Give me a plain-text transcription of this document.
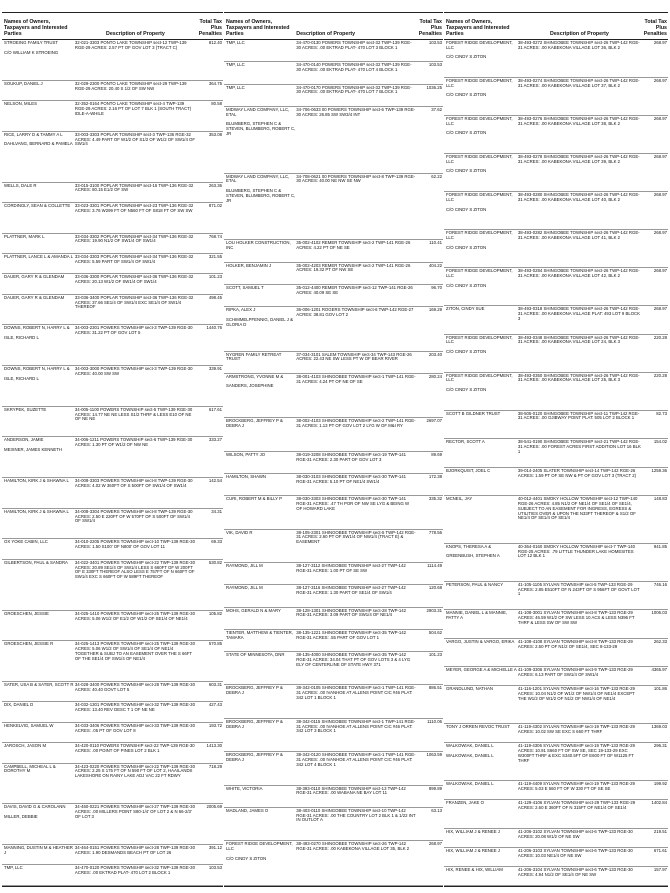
Names of Owners, Taxpayers and Interested Parties	Description of Property
Total Tax Plus Penalties
STROEING FAMILY TRUST

C/O WILLIAM K STROEING
32-021-3303 PONTO LAKE TOWNSHIP sect-12 TWP-139 RGE-29 ACRES: 2.57 PT OF GOV LOT 3 (TRACT C)
812.40
SOUKUP, DANIEL J	32-029-2300 PONTO LAKE TOWNSHIP sect-29 TWP-139 RGE-29 ACRES: 20.40 S 1/2 OF SW NW
364.75
NELSON, MILES	32-352-0164 PONTO LAKE TOWNSHIP sect-4 TWP-139 RGE-29 ACRES: 2.16 PT OF LOT 7 BLK 1 (SOUTH TRACT) IDLE-A-WHILE
80.58
RICE, LARRY D & TAMMY A L

DAHLVANG, BERNARD & PAMELA
33-003-3303 POPLAR TOWNSHIP sect-3 TWP-136 RGE-32 ACRES: 4.49 PART OF W1/2 OF S1/2 OF W1/2 OF SW1/4 OF SW1/4
353.08
WELLS, DALE R	33-015-3100 POPLAR TOWNSHIP sect-15 TWP-136 RGE-32 ACRES: 80.15 E1/2 OF SW
263.36
CORDINGLY, SEAN & COLLETTE	33-023-3301 POPLAR TOWNSHIP sect-23 TWP-136 RGE-32 ACRES: 3.76 W299 FT OF N560 FT OF S818 FT OF SW SW
871.02
PLATTNER, MARK L	33-034-3302 POPLAR TOWNSHIP sect-34 TWP-136 RGE-32 ACRES: 19.90 N1/2 OF SW1/4 OF SW1/4
768.74
PLATTNER, LANCE L & AMANDA L 33-034-3303 POPLAR TOWNSHIP sect-34 TWP-136 RGE-32 ACRES: 5.59 PART OF SW1/4 OF SW1/4
321.55
DAUER, GARY R & GLENDAM	33-036-3300 POPLAR TOWNSHIP sect-36 TWP-136 RGE-32 ACRES: 20.13 W1/2 OF SW1/4 OF SW1/4
101.23
DAUER, GARY R & GLENDAM	33-036-3400 POPLAR TOWNSHIP sect-36 TWP-136 RGE-32 ACRES: 37.66 SE1/4 OF SW1/4 EXC SE1/4 OF SW1/4 THEREOF
498.45
DOWNS, ROBERT N, HARRY L &

ISLE, RICHARD L
34-003-2301 POWERS TOWNSHIP sect-3 TWP-139 RGE-30 ACRES: 31.22 PT OF GOV LOT 5
1440.76
DOWNS, ROBERT N, HARRY L &

ISLE, RICHARD L
34-003-3000 POWERS TOWNSHIP sect-3 TWP-139 RGE-30 ACRES: 40.00 SW SW
339.91
SKRYPEK, SUZETTE	34-005-1100 POWERS TOWNSHIP sect-5 TWP-139 RGE-30 ACRES: 14.77 NE NE LESS S1/2 THRF & LESS E10 OF NE OF NE NE
617.61
ANDERSON, JAMIE

MEIXNER, JAMES KENNETH
34-006-1211 POWERS TOWNSHIP sect-6 TWP-139 RGE-30 ACRES: 1.30 PT OF W1/2 OF NW NE
333.27
HAMILTON, KIRK J & SHAWNA L	34-008-3303 POWERS TOWNSHIP sect-8 TWP-139 RGE-30 ACRES: 4.02 W 360FT OF S 500FT OF SW1/4 OF SW1/4
142.54
HAMILTON, KIRK J & SHAWNA L	34-008-3304 POWERS TOWNSHIP sect-8 TWP-139 RGE-30 ACRES: 2.50 E 220FT OF W 570FT OF S 500FT OF SW1/4 OF SW1/4
34.31
OX YOKE CABIN, LLC	34-010-2205 POWERS TOWNSHIP sect-10 TWP-139 RGE-30 ACRES: 1.50 S100' OF N800' OF GOV LOT 11
69.33
GILBERTSON, PAUL & SANDRA	34-022-3401 POWERS TOWNSHIP sect-22 TWP-139 RGE-30 ACRES: 20.89 SE1/4 OF SW1/4 LESS S 660FT OF W 200FT OF E 330FT THEREOF ALSO LESS E 757FT OF N 660FT OF SW1/4 EXC S 660FT OF W 589FT THEREOF
530.82
GROESCHEN, JESSIE	34-025-1410 POWERS TOWNSHIP sect-25 TWP-139 RGE-30 ACRES: 5.06 W1/2 OF E1/2 OF W1/2 OF SE1/4 OF NE1/4
105.82
GROESCHEN, JESSIE R	34-025-1413 POWERS TOWNSHIP sect-25 TWP-139 RGE-30 ACRES: 5.06 W1/2 OF SW1/4 OF SE1/4 OF NE1/4 TOGETHER & SUBJ TO AN EASEMENT OVER THE S 66FT OF THE SE1/4 OF SW1/4 OF NE1/4
570.85
SATER, USA B & SATER, SCOTT R 34-028-3400 POWERS TOWNSHIP sect-28 TWP-139 RGE-30 ACRES: 40.40 GOVT LOT 5
603.31
DIX, DANIEL D	34-032-1301 POWERS TOWNSHIP sect-32 TWP-139 RGE-30 ACRES: 13.40 REV DESC T 1 OF NE NE
427.43
HENKELVIG, SAMUEL W	34-033-3406 POWERS TOWNSHIP sect-33 TWP-139 RGE-30 ACRES: .05 PT OF GOV LOT 8
193.72
JAROSCH, JASON M	34-420-0110 POWERS TOWNSHIP sect-22 TWP-139 RGE-30 ACRES: .00 POINT OF PINES LOT 2 BLK 1
1413.30
CAMPBELL, MICHEAL L & DOROTHY M
34-423-0220 POWERS TOWNSHIP sect-22 TWP-139 RGE-30 ACRES: 2.25 S 175 FT OF N 590 FT OF LOT 2, HAAILANDS LAKESHORE ON RAINY LAKE ADJ VAC 22 FT RDWY
718.29
DAVIS, DAVID G & CAROLANN

MILLER, DEBBIE
34-460-0221 POWERS TOWNSHIP sect-27 TWP-139 RGE-30 ACRES: .00 MILLERS POINT S80-1/4' OF LOT 2 & N 66-2/3' OF LOT 3
2005.69
MANNING, DUSTIN M & HEATHER J
34-464-0151 POWERS TOWNSHIP sect-28 TWP-139 RGE-30 ACRES: 1.90 DESMANDS BEACH PT OF LOT 26
391.12
TMP, LLC	34-470-0120 POWERS TOWNSHIP sect-32 TWP-139 RGE-30 ACRES: .00 EKTRAD PLAT- 470 LOT 2 BLOCK 1
103.53
Names of Owners, Taxpayers and Interested Parties	Description of Property
Total Tax Plus Penalties
TMP, LLC	34-470-0130 POWERS TOWNSHIP sect-32 TWP-139 RGE-30 ACRES: .00 EKTRAD PLAT- 470 LOT 3 BLOCK 1
103.53
TMP, LLC	34-470-0140 POWERS TOWNSHIP sect-32 TWP-139 RGE-30 ACRES: .00 EKTRAD PLAT- 470 LOT 4 BLOCK 1
103.53
TMP, LLC	34-470-0170 POWERS TOWNSHIP sect-32 TWP-139 RGE-30 ACRES: .00 EKTRAD PLAT- 470 LOT 7 BLOCK 1
1036.25
MIDWAY LAND COMPANY, LLC, ETAL

BLUMBERG, STEPHEN C & STEVEN, BLUMBERG, ROBERT C, JR
34-706-0633 00 POWERS TOWNSHIP sect-6 TWP-139 RGE-30 ACRES: 26.85 SW SW3/4 INT
37.62
MIDWAY LAND COMPANY, LLC, ETAL

BLUMBERG, STEPHEN C & STEVEN, BLUMBERG, ROBERT C, JR
34-708-0621 00 POWERS TOWNSHIP sect-8 TWP-139 RGE-30 ACRES: 40.00 NE NW SE NW
62.22
LOU HOLKER CONSTRUCTION, INC
35-002-4102 REMER TOWNSHIP sect-2 TWP-141 RGE-26 ACRES: 4.22 PT OF NE SE
110.41
HOLKER, BENJAMIN J	35-002-4203 REMER TOWNSHIP sect-2 TWP-141 RGE-26 ACRES: 19.32 PT OF NW SE
404.22
SCOTT, SAMUEL T	35-012-4400 REMER TOWNSHIP sect-12 TWP-141 RGE-26 ACRES: 40.09 SE SE
96.70
RIPKA, ALEX J

SCHIMMELPFENNIG, DANIEL J & GLORIA D
36-006-1201 ROGERS TOWNSHIP sect-6 TWP-142 RGE-27 ACRES: 38.81 GOV LOT 2
169.29
NYGREN FAMILY RETREAT TRUST
37-034-3101 SALEM TOWNSHIP sect-34 TWP-143 RGE-26 ACRES: 22.43 NE SW LESS PT W OF BEAR RIVER
203.40
ARMSTRONG, YVONNE M &

SANDERS, JOSEPHINE
38-001-4103 SHINGOBEE TOWNSHIP sect-1 TWP-141 RGE-31 ACRES: 4.24 PT OF NE OF SE
280.24
BROCKBERG, JEFFREY P & DEBRA J
38-002-4103 SHINGOBEE TOWNSHIP sect-2 TWP-141 RGE-31 ACRES: 1.13 PT OF GOV LOT 2 LYG W OF M&I RY
2697.07
WILSON, PATTY JO	38-019-3208 SHINGOBEE TOWNSHIP sect-19 TWP-141 RGE-31 ACRES: 2.30 PART OF GOV LOT 3
89.69
HAMILTON, SHAWN	38-030-3103 SHINGOBEE TOWNSHIP sect-30 TWP-141 RGE-31 ACRES: 5.10 PT OF NE1/4 SW1/4
172.38
CURI, ROBERT M & BILLY P	38-030-3303 SHINGOBEE TOWNSHIP sect-30 TWP-141 RGE-31 ACRES: .47 TH POR OF NW SE LYG & BEING W OF HOWARD LAKE
335.32
VIK, DAVID R	38-105-2301 SHINGOBEE TOWNSHIP sect-5 TWP-142 RGE-31 ACRES: 2.60 PT OF SW1/4 OF NW1/4 (TRACT E) & EASEMENT
778.56
RAYMOND, JILL M	38-127-3112 SHINGOBEE TOWNSHIP sect-27 TWP-142 RGE-31 ACRES: 1.00 PT OF SE SW
1114.49
RAYMOND, JILL M	38-127-3116 SHINGOBEE TOWNSHIP sect-27 TWP-142 RGE-31 ACRES: 1.30 PART OF SE1/4 OF SW1/4
120.68
MOHS, GERALD N & MARY	38-128-1301 SHINGOBEE TOWNSHIP sect-28 TWP-142 RGE-31 ACRES: 3.09 PART OF SW1/4 OF NE1/4
2903.31
TIENTER, MATTHEW & TIENTER, TAMARA
38-135-1221 SHINGOBEE TOWNSHIP sect-35 TWP-142 RGE-31 ACRES: .55 PART OF GOV LOT 1
504.62
STATE OF MINNESOTA, DNR	38-135-4000 SHINGOBEE TOWNSHIP sect-35 TWP-142 RGE-31 ACRES: 34.04 THAT PT OF GOV LOTS 3 & 4 LYG ELY OF CENTERLINE OF STATE HWY 371
101.23
BROCKBERG, JEFFREY P & DEBRA J
38-342-0105 SHINGOBEE TOWNSHIP sect-1 TWP-141 RGE-31 ACRES: .00 IVANHOE AT ALLENS POINT CIC #46 PLAT: 342 LOT 1 BLOCK 1
886.51
BROCKBERG, JEFFREY P & DEBRA J
38-342-0115 SHINGOBEE TOWNSHIP sect-1 TWP-141 RGE-31 ACRES: .00 IVANHOE AT ALLENS POINT CIC #46 PLAT: 342 LOT 3 BLOCK 1
1110.06
BROCKBERG, JEFFREY P & DEBRA J
38-342-0120 SHINGOBEE TOWNSHIP sect-1 TWP-141 RGE-31 ACRES: .00 IVANHOE AT ALLENS POINT CIC #46 PLAT: 342 LOT 4 BLOCK 1
1063.59
WHITE, VICTORIA	38-393-0110 SHINGOBEE TOWNSHIP sect-13 TWP-142 RGE-31 ACRES: .00 WABANA NE BAY LOT 11
899.89
MADLAND, JAMES O	38-403-0110 SHINGOBEE TOWNSHIP sect-10 TWP-142 RGE-31 ACRES: .00 THE COUNTRY LOT 2 BLK 1 & 1/22 INT IN OUTLOT A
63.13
FOREST RIDGE DEVELOPMENT, LLC

C/O CINDY S ZITON
38-493-0270 SHINGOBEE TOWNSHIP sect-26 TWP-142 RGE-31 ACRES: .00 KABEKONA VILLAGE LOT 35, BLK 2
268.97
Names of Owners, Taxpayers and Interested Parties	Description of Property
Total Tax Plus Penalties
FOREST RIDGE DEVELOPMENT, LLC

C/O CINDY S ZITON
38-493-0272 SHINGOBEE TOWNSHIP sect-26 TWP-142 RGE-31 ACRES: .00 KABEKONA VILLAGE LOT 36, BLK 2
268.97
FOREST RIDGE DEVELOPMENT, LLC

C/O CINDY S ZITON
38-493-0274 SHINGOBEE TOWNSHIP sect-26 TWP-142 RGE-31 ACRES: .00 KABEKONA VILLAGE LOT 37, BLK 2
268.97
FOREST RIDGE DEVELOPMENT, LLC

C/O CINDY S ZITON
38-493-0276 SHINGOBEE TOWNSHIP sect-26 TWP-142 RGE-31 ACRES: .00 KABEKONA VILLAGE LOT 38, BLK 2
268.97
FOREST RIDGE DEVELOPMENT, LLC

C/O CINDY S ZITON
38-493-0278 SHINGOBEE TOWNSHIP sect-26 TWP-142 RGE-31 ACRES: .00 KABEKONA VILLAGE LOT 39, BLK 2
268.97
FOREST RIDGE DEVELOPMENT, LLC

C/O CINDY S ZITON
38-493-0280 SHINGOBEE TOWNSHIP sect-26 TWP-142 RGE-31 ACRES: .00 KABEKONA VILLAGE LOT 40, BLK 2
268.97
FOREST RIDGE DEVELOPMENT, LLC

C/O CINDY S ZITON
38-493-0282 SHINGOBEE TOWNSHIP sect-26 TWP-142 RGE-31 ACRES: .00 KABEKONA VILLAGE LOT 41, BLK 2
268.97
FOREST RIDGE DEVELOPMENT, LLC

C/O CINDY S ZITON
38-493-0284 SHINGOBEE TOWNSHIP sect-26 TWP-142 RGE-31 ACRES: .00 KABEKONA VILLAGE LOT 42, BLK 2
268.97
ZITON, CINDY SUE	38-493-0318 SHINGOBEE TOWNSHIP sect-26 TWP-142 RGE-31 ACRES: .00 KABEKONA VILLAGE PLAT: 493 LOT 9 BLOCK 3
268.97
FOREST RIDGE DEVELOPMENT, LLC

C/O CINDY S ZITON
38-493-0348 SHINGOBEE TOWNSHIP sect-26 TWP-142 RGE-31 ACRES: .00 KABEKONA VILLAGE LOT 24, BLK 3
220.28
FOREST RIDGE DEVELOPMENT, LLC

C/O CINDY S ZITON
38-493-0350 SHINGOBEE TOWNSHIP sect-26 TWP-142 RGE-31 ACRES: .00 KABEKONA VILLAGE LOT 25, BLK 3
220.28
SCOTT B GILDNER TRUST	38-505-0120 SHINGOBEE TOWNSHIP sect-11 TWP-142 RGE-31 ACRES: .00 OJIBWAY POINT PLAT: 505 LOT 2 BLOCK 1
82.73
RECTOR, SCOTT A	38-541-0190 SHINGOBEE TOWNSHIP sect-21 TWP-142 RGE-31 ACRES: .00 FOREST ACRES FIRST ADDITION LOT 16 BLK 1
154.02
BJORKQUIST, JOEL C	39-014-2405 SLATER TOWNSHIP sect-14 TWP-142 RGE-26 ACRES: 1.59 PT OF SE NW & PT OF GOV LOT 3 (TRACT 2)
1259.36
MCNEIL, JAY	40-012-4401 SMOKY HOLLOW TOWNSHIP sect-12 TWP-140 RGE-26 ACRES: 4.85 N1/2 OF NE1/4 OF SE1/4 OF SE1/4, SUBJECT TO AN EASEMENT FOR INGRESS, EGRESS & UTILITIES OVER & UPON THE N33FT THEREOF & S1/2 OF NE1/4 OF SE1/4 OF SE1/4
148.83
KNOPS, THERESA A &

GREENBUSH, STEPHEN A
40-364-0160 SMOKY HOLLOW TOWNSHIP sect-7 TWP-140 RGE-25 ACRES: .79 LITTLE THUNDER LAKE HOMESITES LOT 12 BLK 1
941.85
PETERSON, PAUL & NANCY	41-105-1105 SYLVAN TOWNSHIP sect-5 TWP-133 RGE-29 ACRES: 2.85 E510FT OF N 243FT OF S 956FT OF GOVT LOT 1
746.16
MANNIE, DANIEL L & MANNIE, PATTY A
41-108-3001 SYLVAN TOWNSHIP sect-8 TWP-133 RGE-29 ACRES: 46.59 W1/2 OF SW LESS 10 ACS & LESS N396 FT THRF & LESS SW OF SW SW
1006.03
VARGO, JUSTIN & VARGO, ERIKA 41-108-4108 SYLVAN TOWNSHIP sect-8 TWP-133 RGE-29 ACRES: 2.50 PT OF N1/2 OF SE1/4, SEC 8-133-29
262.33
MEYER, GEORGE A & MICHELLE A 41-109-3306 SYLVAN TOWNSHIP sect-9 TWP-133 RGE-29 ACRES: 6.13 PART OF SW1/4 OF SW1/4
4365.97
GRANDLUND, NATHAN	41-116-1201 SYLVAN TOWNSHIP sect-16 TWP-133 RGE-29 ACRES: 10.04 N1/2 OF W1/2 OF NW1/4 OF NE1/4 EXCEPT THE W1/2 OF W1/2 OF N1/2 OF NW1/4 OF NE1/4
101.86
TONY J ORREN REVOC TRUST	41-119-4302 SYLVAN TOWNSHIP sect-19 TWP-133 RGE-29 ACRES: 10.02 SW SE EXC S 660 FT THRF
1369.03
WALKOWIAK, DANIEL L

WALKOWIAK, DANIEL L
41-119-4306 SYLVAN TOWNSHIP sect-19 TWP-133 RGE-29 ACRES: 10.91 S660 FT OF SW SE, SEC 19-133-29 EXC W300FT THRF & EXC S340.5FT OF E600 FT OF W1125 FT THRF
296.31
WALKOWIAK, DANIEL L	41-119-4409 SYLVAN TOWNSHIP sect-19 TWP-133 RGE-29 ACRES: 5.03 E 560 FT OF W 330 FT OF SE SE
199.92
FRANZEN, JAKE O	41-129-4106 SYLVAN TOWNSHIP sect-29 TWP-133 RGE-29 ACRES: 2.60 E 360FT OF N 315FT OF NE1/4 OF SE1/4
1402.84
HIX, WILLIAM J & RENEE J	41-206-3102 SYLVAN TOWNSHIP sect-6 TWP-133 RGE-30 ACRES: 20.08 W1/2 OF NE SW
219.51
HIX, WILLIAM J & RENEE J	41-206-3103 SYLVAN TOWNSHIP sect-6 TWP-133 RGE-30 ACRES: 10.03 NE1/4 OF NE SW
671.61
HIX, RENEE & HIX, WILLIAM	41-206-3104 SYLVAN TOWNSHIP sect-6 TWP-133 RGE-30 ACRES: 4.94 N1/2 OF SE1/4 OF NE SW
157.97
